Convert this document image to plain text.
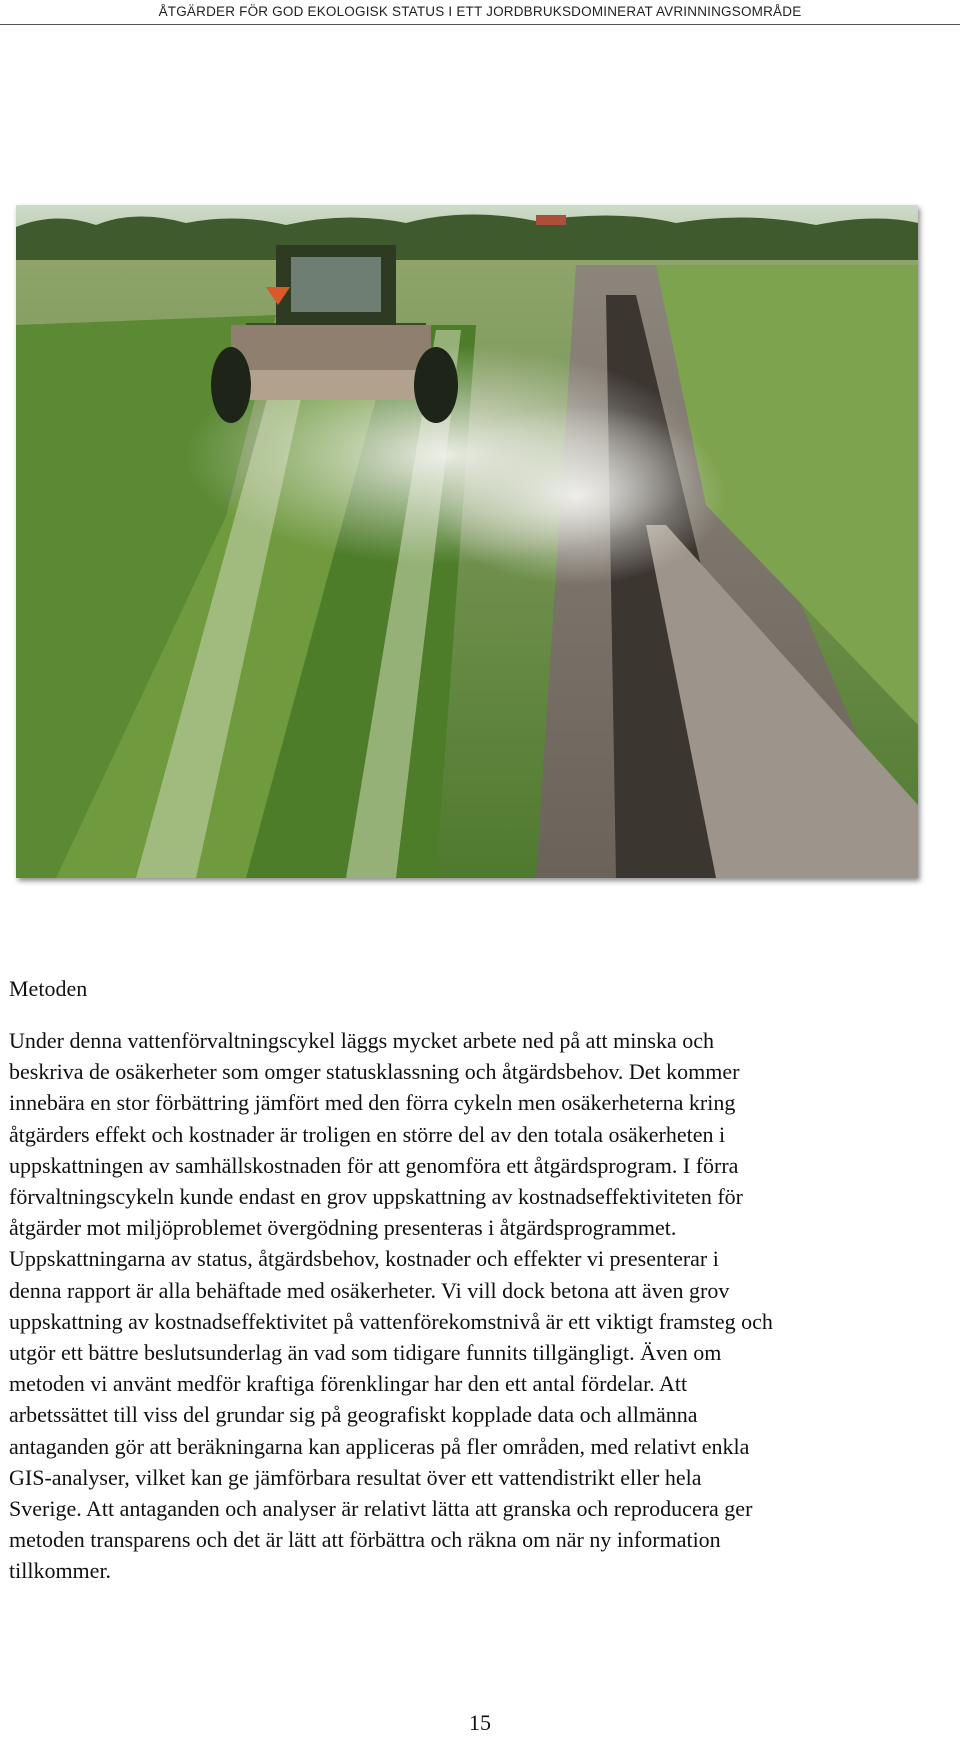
ÅTGÄRDER FÖR GOD EKOLOGISK STATUS I ETT JORDBRUKSDOMINERAT AVRINNINGSOMRÅDE
Metoden

Under denna vattenförvaltningscykel läggs mycket arbete ned på att minska och
beskriva de osäkerheter som omger statusklassning och åtgärdsbehov. Det kommer
innebära en stor förbättring jämfört med den förra cykeln men osäkerheterna kring
åtgärders effekt och kostnader är troligen en större del av den totala osäkerheten i
uppskattningen av samhällskostnaden för att genomföra ett åtgärdsprogram. I förra
förvaltningscykeln kunde endast en grov uppskattning av kostnadseffektiviteten för
åtgärder mot miljöproblemet övergödning presenteras i åtgärdsprogrammet.
Uppskattningarna av status, åtgärdsbehov, kostnader och effekter vi presenterar i
denna rapport är alla behäftade med osäkerheter. Vi vill dock betona att även grov
uppskattning av kostnadseffektivitet på vattenförekomstnivå är ett viktigt framsteg och
utgör ett bättre beslutsunderlag än vad som tidigare funnits tillgängligt. Även om
metoden vi använt medför kraftiga förenklingar har den ett antal fördelar. Att
arbetssättet till viss del grundar sig på geografiskt kopplade data och allmänna
antaganden gör att beräkningarna kan appliceras på fler områden, med relativt enkla
GIS-analyser, vilket kan ge jämförbara resultat över ett vattendistrikt eller hela
Sverige. Att antaganden och analyser är relativt lätta att granska och reproducera ger
metoden transparens och det är lätt att förbättra och räkna om när ny information
tillkommer.

15
